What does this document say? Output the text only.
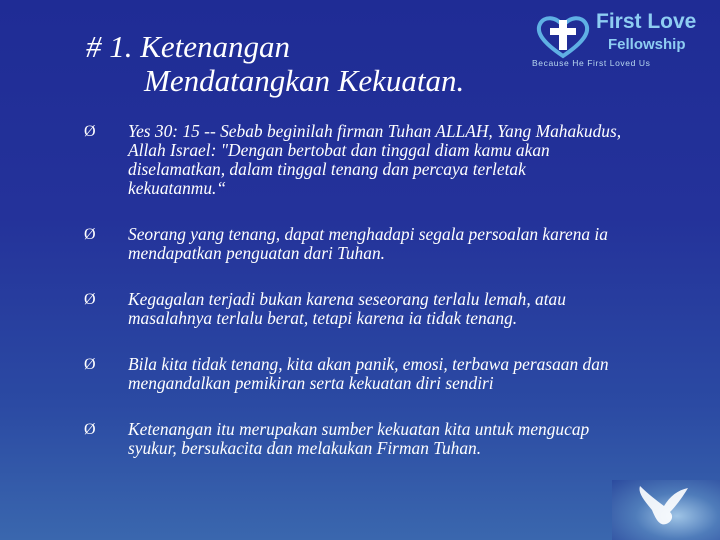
# 1. Ketenangan
Mendatangkan Kekuatan.
First Love
Fellowship
Because He First Loved Us
Ø Yes 30: 15 -- Sebab beginilah firman Tuhan ALLAH, Yang Mahakudus, Allah Israel: "Dengan bertobat dan tinggal diam kamu akan diselamatkan, dalam tinggal tenang dan percaya terletak kekuatanmu.“
Ø Seorang yang tenang, dapat menghadapi segala persoalan karena ia mendapatkan penguatan dari Tuhan.
Ø Kegagalan terjadi bukan karena seseorang terlalu lemah, atau masalahnya terlalu berat, tetapi karena ia tidak tenang.
Ø Bila kita tidak tenang, kita akan panik, emosi, terbawa perasaan dan mengandalkan pemikiran serta kekuatan diri sendiri
Ø Ketenangan itu merupakan sumber kekuatan kita untuk mengucap syukur, bersukacita dan melakukan Firman Tuhan.
